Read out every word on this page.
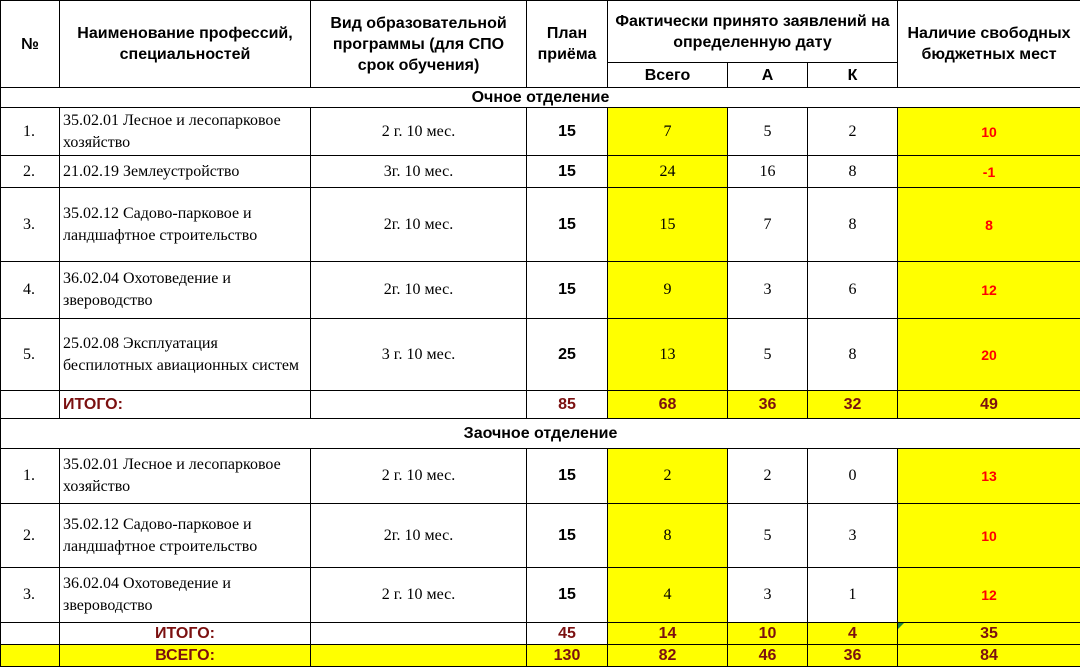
№	Наименование профессий, специальностей	Вид образовательной программы (для СПО срок обучения)	План приёма	Фактически принято заявлений на определенную дату			Наличие свободных бюджетных мест
				Всего	А	К	
Очное отделение							
1.	35.02.01 Лесное и лесопарковое хозяйство	2 г. 10 мес.	15	7	5	2	10
2.	21.02.19 Землеустройство	3г. 10 мес.	15	24	16	8	-1
3.	35.02.12 Садово-парковое и ландшафтное строительство	2г. 10 мес.	15	15	7	8	8
4.	36.02.04 Охотоведение и звероводство	2г. 10 мес.	15	9	3	6	12
5.	25.02.08 Эксплуатация беспилотных авиационных систем	3 г. 10 мес.	25	13	5	8	20
	ИТОГО:		85	68	36	32	49
Заочное отделение							
1.	35.02.01 Лесное и лесопарковое хозяйство	2 г. 10 мес.	15	2	2	0	13
2.	35.02.12 Садово-парковое и ландшафтное строительство	2г. 10 мес.	15	8	5	3	10
3.	36.02.04 Охотоведение и звероводство	2 г. 10 мес.	15	4	3	1	12
	ИТОГО:		45	14	10	4	35
	ВСЕГО:		130	82	46	36	84
